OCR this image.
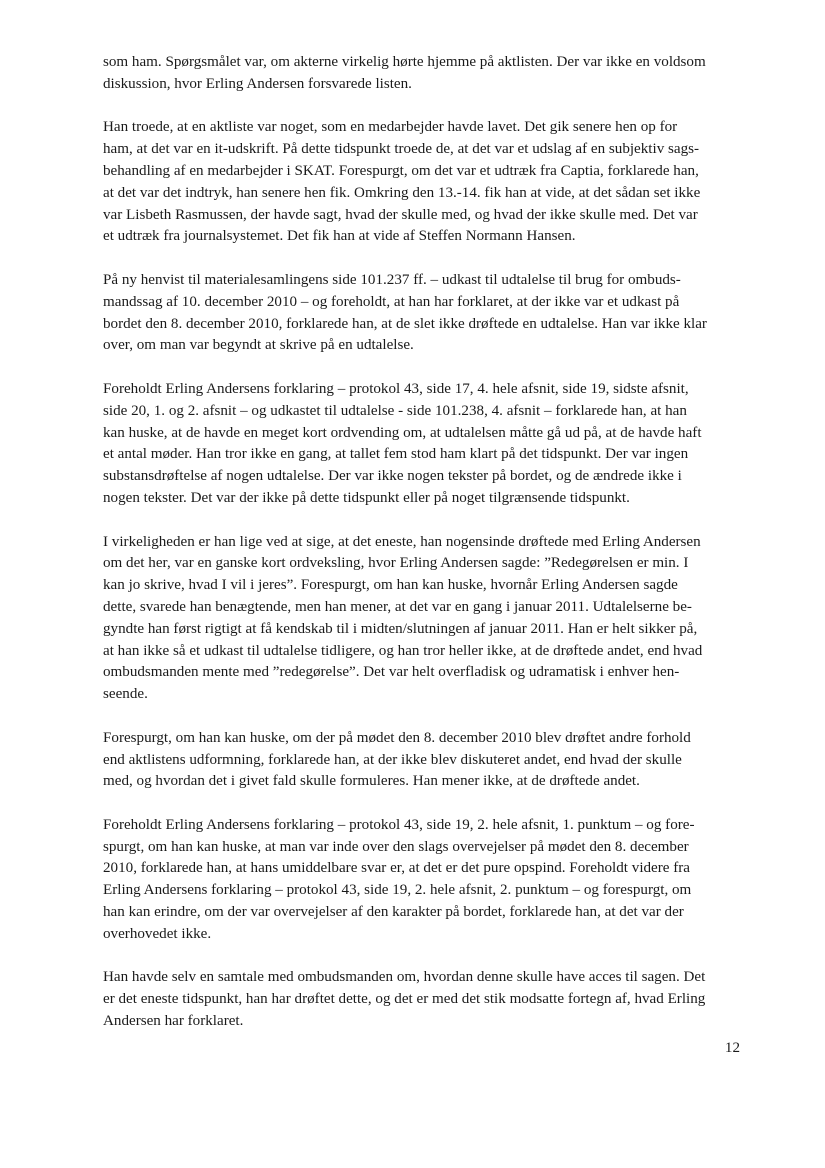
som ham. Spørgsmålet var, om akterne virkelig hørte hjemme på aktlisten. Der var ikke en voldsom
diskussion, hvor Erling Andersen forsvarede listen.

Han troede, at en aktliste var noget, som en medarbejder havde lavet. Det gik senere hen op for
ham, at det var en it-udskrift. På dette tidspunkt troede de, at det var et udslag af en subjektiv sags-
behandling af en medarbejder i SKAT. Forespurgt, om det var et udtræk fra Captia, forklarede han,
at det var det indtryk, han senere hen fik. Omkring den 13.-14. fik han at vide, at det sådan set ikke
var Lisbeth Rasmussen, der havde sagt, hvad der skulle med, og hvad der ikke skulle med. Det var
et udtræk fra journalsystemet. Det fik han at vide af Steffen Normann Hansen.

På ny henvist til materialesamlingens side 101.237 ff. – udkast til udtalelse til brug for ombuds-
mandssag af 10. december 2010 – og foreholdt, at han har forklaret, at der ikke var et udkast på
bordet den 8. december 2010, forklarede han, at de slet ikke drøftede en udtalelse. Han var ikke klar
over, om man var begyndt at skrive på en udtalelse.

Foreholdt Erling Andersens forklaring – protokol 43, side 17, 4. hele afsnit, side 19, sidste afsnit,
side 20, 1. og 2. afsnit – og udkastet til udtalelse - side 101.238, 4. afsnit – forklarede han, at han
kan huske, at de havde en meget kort ordvending om, at udtalelsen måtte gå ud på, at de havde haft
et antal møder. Han tror ikke en gang, at tallet fem stod ham klart på det tidspunkt. Der var ingen
substansdrøftelse af nogen udtalelse. Der var ikke nogen tekster på bordet, og de ændrede ikke i
nogen tekster. Det var der ikke på dette tidspunkt eller på noget tilgrænsende tidspunkt.

I virkeligheden er han lige ved at sige, at det eneste, han nogensinde drøftede med Erling Andersen
om det her, var en ganske kort ordveksling, hvor Erling Andersen sagde: ”Redegørelsen er min. I
kan jo skrive, hvad I vil i jeres”. Forespurgt, om han kan huske, hvornår Erling Andersen sagde
dette, svarede han benægtende, men han mener, at det var en gang i januar 2011. Udtalelserne be-
gyndte han først rigtigt at få kendskab til i midten/slutningen af januar 2011. Han er helt sikker på,
at han ikke så et udkast til udtalelse tidligere, og han tror heller ikke, at de drøftede andet, end hvad
ombudsmanden mente med ”redegørelse”. Det var helt overfladisk og udramatisk i enhver hen-
seende.

Forespurgt, om han kan huske, om der på mødet den 8. december 2010 blev drøftet andre forhold
end aktlistens udformning, forklarede han, at der ikke blev diskuteret andet, end hvad der skulle
med, og hvordan det i givet fald skulle formuleres. Han mener ikke, at de drøftede andet.

Foreholdt Erling Andersens forklaring – protokol 43, side 19, 2. hele afsnit, 1. punktum – og fore-
spurgt, om han kan huske, at man var inde over den slags overvejelser på mødet den 8. december
2010, forklarede han, at hans umiddelbare svar er, at det er det pure opspind. Foreholdt videre fra
Erling Andersens forklaring – protokol 43, side 19, 2. hele afsnit, 2. punktum – og forespurgt, om
han kan erindre, om der var overvejelser af den karakter på bordet, forklarede han, at det var der
overhovedet ikke.

Han havde selv en samtale med ombudsmanden om, hvordan denne skulle have acces til sagen. Det
er det eneste tidspunkt, han har drøftet dette, og det er med det stik modsatte fortegn af, hvad Erling
Andersen har forklaret.

12
